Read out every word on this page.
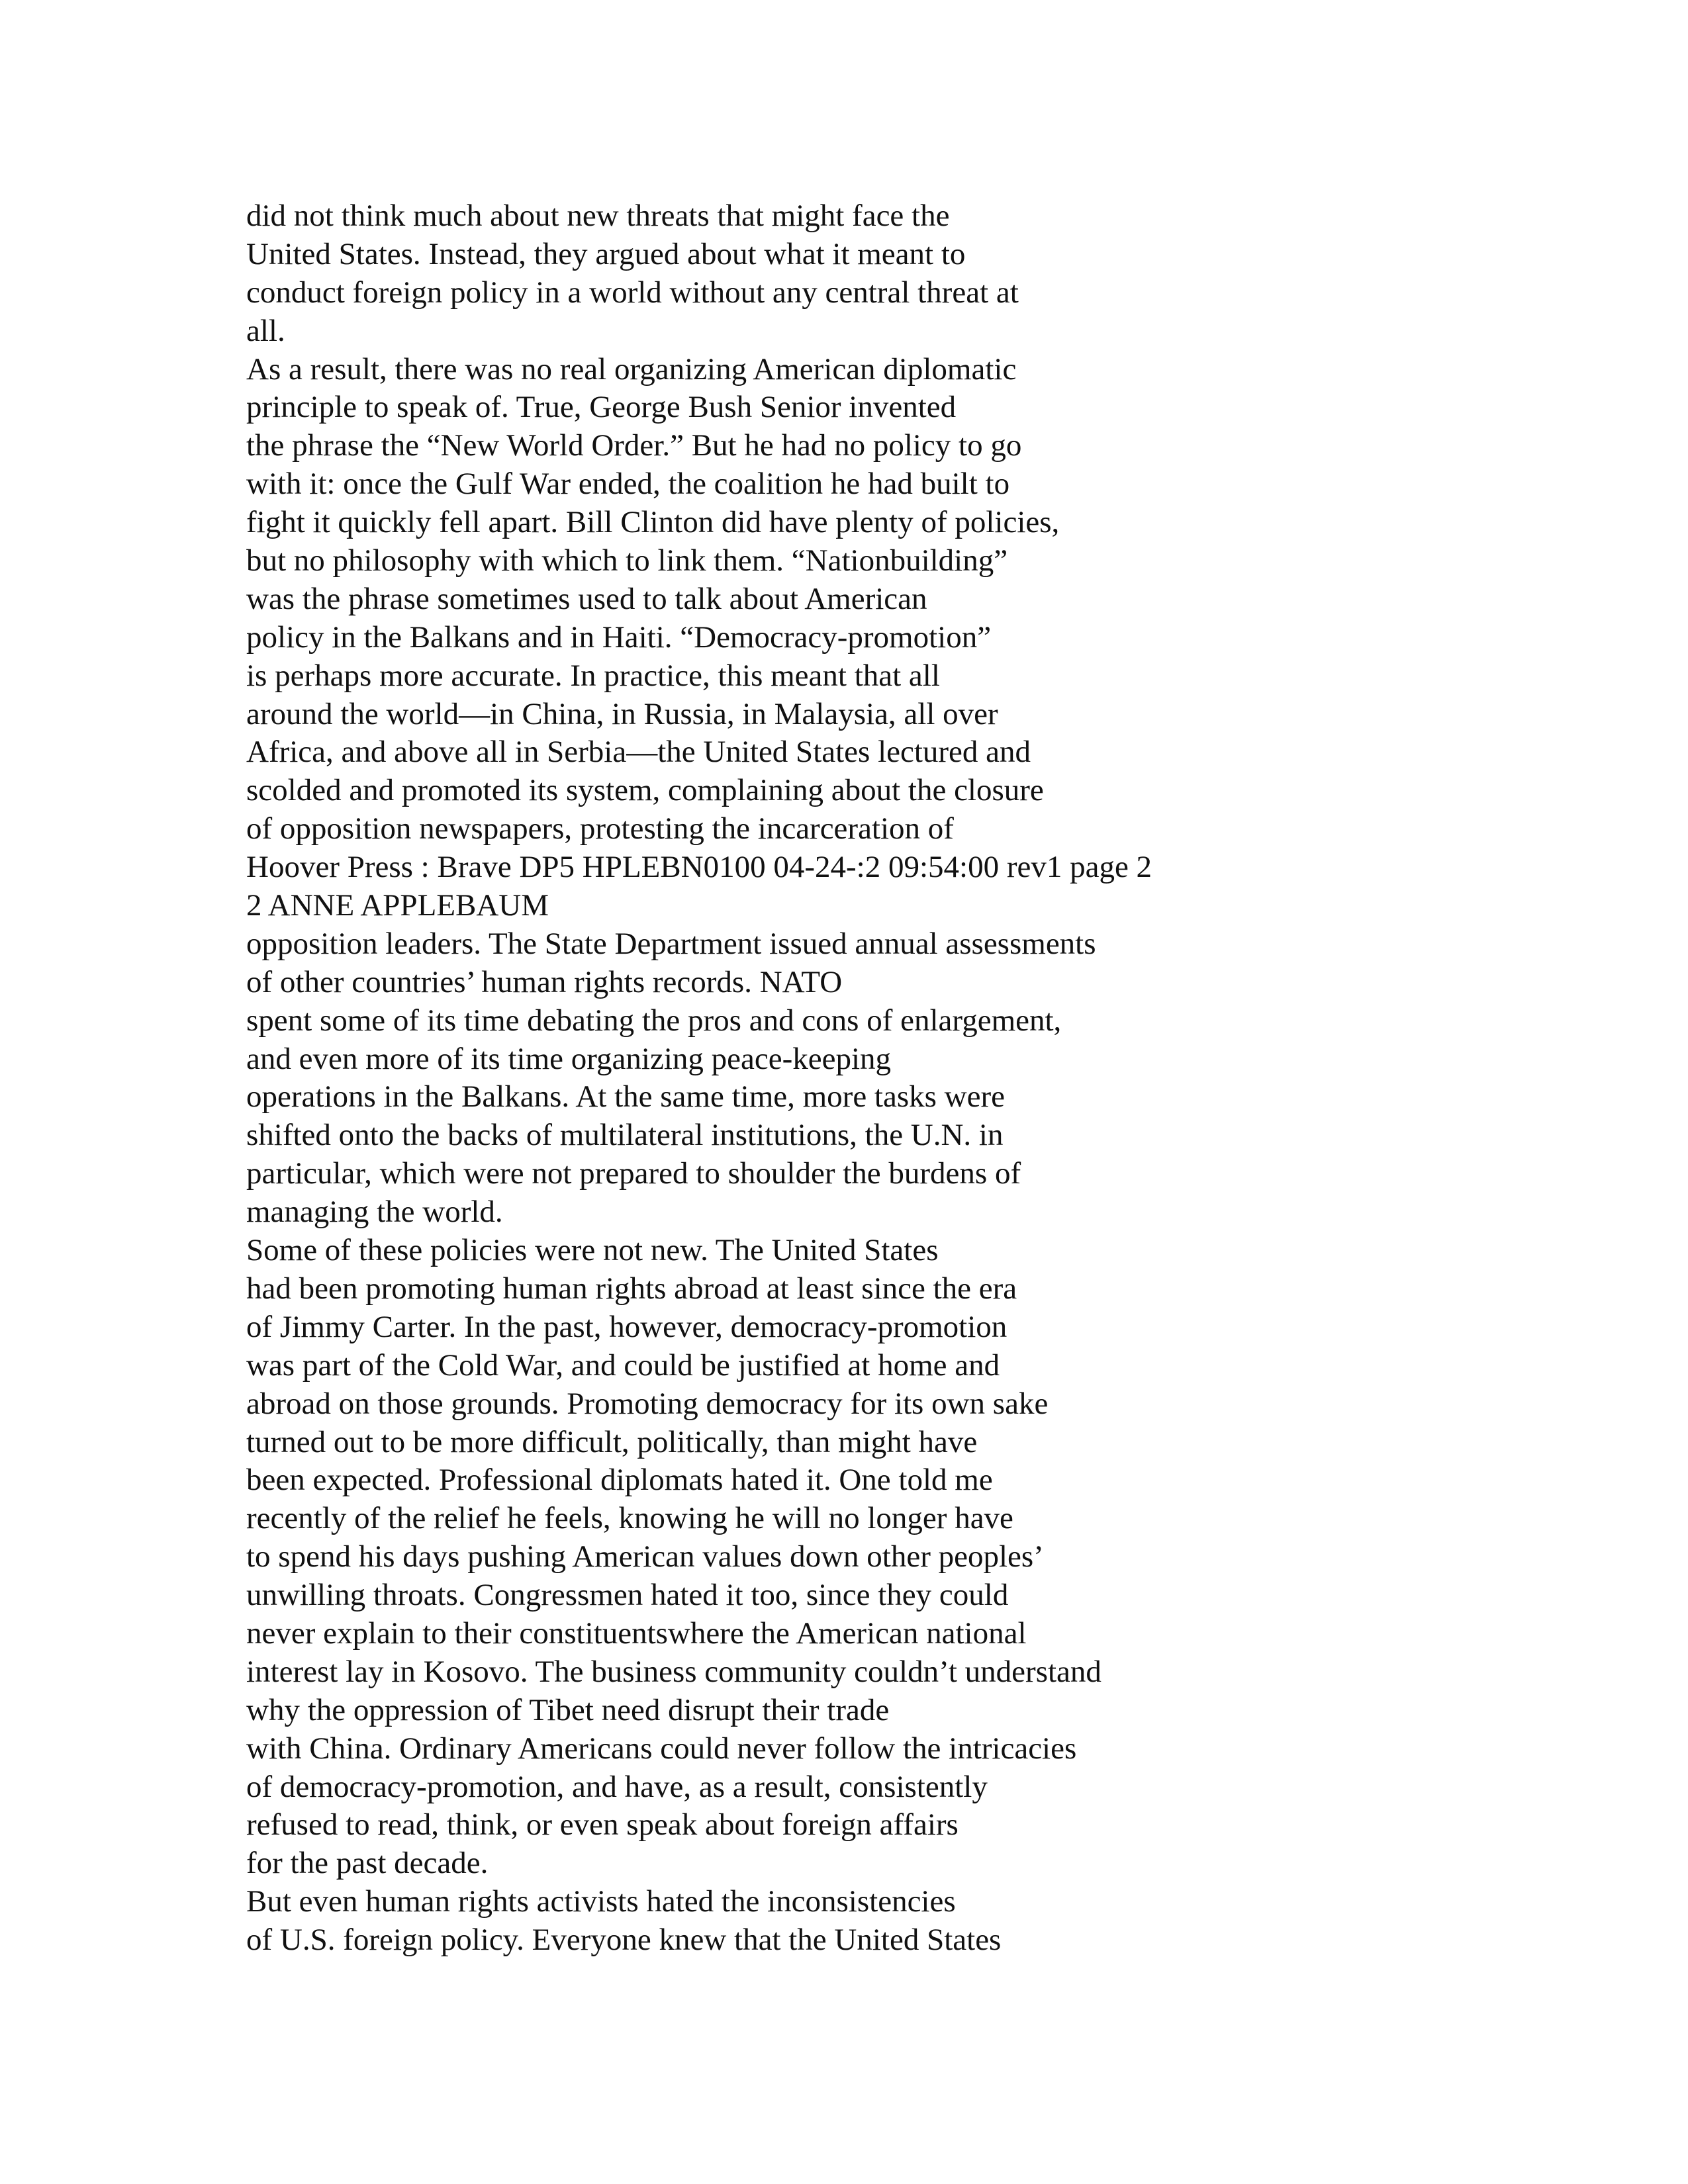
did not think much about new threats that might face the
United States. Instead, they argued about what it meant to
conduct foreign policy in a world without any central threat at
all.
As a result, there was no real organizing American diplomatic
principle to speak of. True, George Bush Senior invented
the phrase the “New World Order.” But he had no policy to go
with it: once the Gulf War ended, the coalition he had built to
fight it quickly fell apart. Bill Clinton did have plenty of policies,
but no philosophy with which to link them. “Nationbuilding”
was the phrase sometimes used to talk about American
policy in the Balkans and in Haiti. “Democracy-promotion”
is perhaps more accurate. In practice, this meant that all
around the world—in China, in Russia, in Malaysia, all over
Africa, and above all in Serbia—the United States lectured and
scolded and promoted its system, complaining about the closure
of opposition newspapers, protesting the incarceration of
Hoover Press : Brave DP5 HPLEBN0100 04-24-:2 09:54:00 rev1 page 2
2 ANNE APPLEBAUM
opposition leaders. The State Department issued annual assessments
of other countries’ human rights records. NATO
spent some of its time debating the pros and cons of enlargement,
and even more of its time organizing peace-keeping
operations in the Balkans. At the same time, more tasks were
shifted onto the backs of multilateral institutions, the U.N. in
particular, which were not prepared to shoulder the burdens of
managing the world.
Some of these policies were not new. The United States
had been promoting human rights abroad at least since the era
of Jimmy Carter. In the past, however, democracy-promotion
was part of the Cold War, and could be justified at home and
abroad on those grounds. Promoting democracy for its own sake
turned out to be more difficult, politically, than might have
been expected. Professional diplomats hated it. One told me
recently of the relief he feels, knowing he will no longer have
to spend his days pushing American values down other peoples’
unwilling throats. Congressmen hated it too, since they could
never explain to their constituentswhere the American national
interest lay in Kosovo. The business community couldn’t understand
why the oppression of Tibet need disrupt their trade
with China. Ordinary Americans could never follow the intricacies
of democracy-promotion, and have, as a result, consistently
refused to read, think, or even speak about foreign affairs
for the past decade.
But even human rights activists hated the inconsistencies
of U.S. foreign policy. Everyone knew that the United States
